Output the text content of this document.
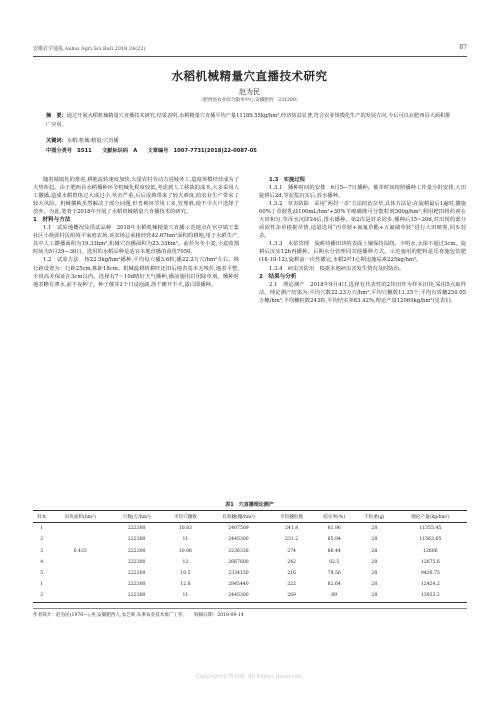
安徽农学通报,Anhui Agri.Sci.Bull.2018,24(22)	87
水稻机械精量穴直播技术研究
赵为民
（肥西县农业综合服务中心,安徽肥西　231200）
摘　要：通过开展水稻机械精量穴直播技术研究,结果表明,水稻精量穴直播平均产量11189.55kg/hm²,经济效益显著,符合农业规模化生产的发展方向,今后可以在肥西县大面积推广应用。
关键词：水稻;机械;精量;穴直播
中图分类号　S511　　文献标识码　A　　文章编号　1007-7731(2018)22-0087-05

随着城镇化的推进,耕地流转速度加快,大量农村劳动力进城务工,造度规模经营成为了大势所趋。由于肥西县水稻播种环节机械化程度较低,考虑到人工移栽的成本,大多采用人工撒播,造成水稻群体过大或过小,草害严重,后后成熟带来了较大难度,给农业生产带来了较大风险。机械插秧虽然解决了部分问题,但育秧环节用工多,管理难,使不少大户选择了放弃。为此,笔者于2018年开展了水稻机械精量穴直播技术的研究。

1　材料与方法

1.1　试验地概况及供试品种　2018年水稻机械精量穴直播示范地点在官亭镇王集社区小杨郢村民组境平家庭农场,该农场总承租经营42.67hm²面积的耕地,用于水稻生产,其中人工撒播面积为19.33hm²,机械穴直播面积为23.33hm²。前茬为冬小麦,小麦收割时间为5月29—30日。选用的水稻品种是适宜本地直播的甬优7050。

1.2　试验方法　按22.5kg/hm²播种,平均每穴播3.6粒,播22.2万穴/hm²左右。株行距设置为：行距25cm,株距18cm。机械旋耕机耕旺还田后地表基本无残茬,地表平整,全田高差保证在3cm以内。选择有7～10d晴好天气播种,播前施用封闭除草剂。播种时地表略有薄水,前不夜种子。种子催芽2个日浸泡滴,沥干摊开半天,露白即播种。

1.3　实施过程

1.3.1　播种时间的安排　6月5—7日播种。催芽时间按照播种工作量分批安排,大田旋耕后2d,等泥浆沉实后,放水播种。

1.3.2　草害防除　采用“两封一杀”方法防治杂草,具体方法是:在旋耕最后1遍时,撒施60%丁草胺乳油100mL/hm²+30%苄嘧磺隆可分散粒剂300g/hm²,利用耙田将药剂在大田和匀,等浑水沉降24后,排水播种。第2次是封杀同步,播种后15~20d,对出现的部分顽固性杂草根据草情,适量选用“丙草胺+氰氟草酯+五氟磺草胺”进行大田喷雾,同步封杀。

1.3.3　水浆管理　旋耕待播田块的表面土壤保持湿润。少明水,水深不超过3cm。旋耕后沉实12h再播种。后期水分管理同其他播种方式。示范施用的肥料是乐喜施包装肥(18-10-12),旋耕前一次性撒完,水稻2叶1心期追施尿素225kg/hm²。

1.3.4　病虫害防治　根据本地病虫害发生情况及时防治。

2　结果与分析

2.1　理论测产　2018年9月4日,选择有代表性的2块田作为样本田块,采用5点取样法。理论测产结果为:平均穴数22.23万穴/hm²,平均穴穗数11.25个,平均有效穗250.05万穗/hm²,平均穗粒数243粒,平均结实率83.42%,理论产量12069kg/hm²(见表1)。

表1　穴直播理论测产
样本	田块面积(hm²)	穴数(万/hm²)	平均穴穗数	有效穗(穗/hm²)	平均穗粒数	结实率(%)	千粒重(g)	理论产量(kg/hm²)
1		222300	10.83	2407509	241.8	81.96	28	11355.45
2		222300	11	2445300	231.2	85.94	28	11563.65
3	0.433	222300	10.06	2236338	274	86.44	28	12606
4		222300	12	2667600	242	82.5	28	12675.6
5		222300	10.5	2334150	216	78.56	28	9426.75
1		222300	12.8	2845440	222	82.64	28	12424.2
2		222300	11	2445300	269	89	28	13933.2
作者简介：赵为民(1970—),男,安徽肥西人,农艺师,从事农业技术推广工作。　　收稿日期：2018-09-14
Copyright©博看网. All Rights Reserved.
